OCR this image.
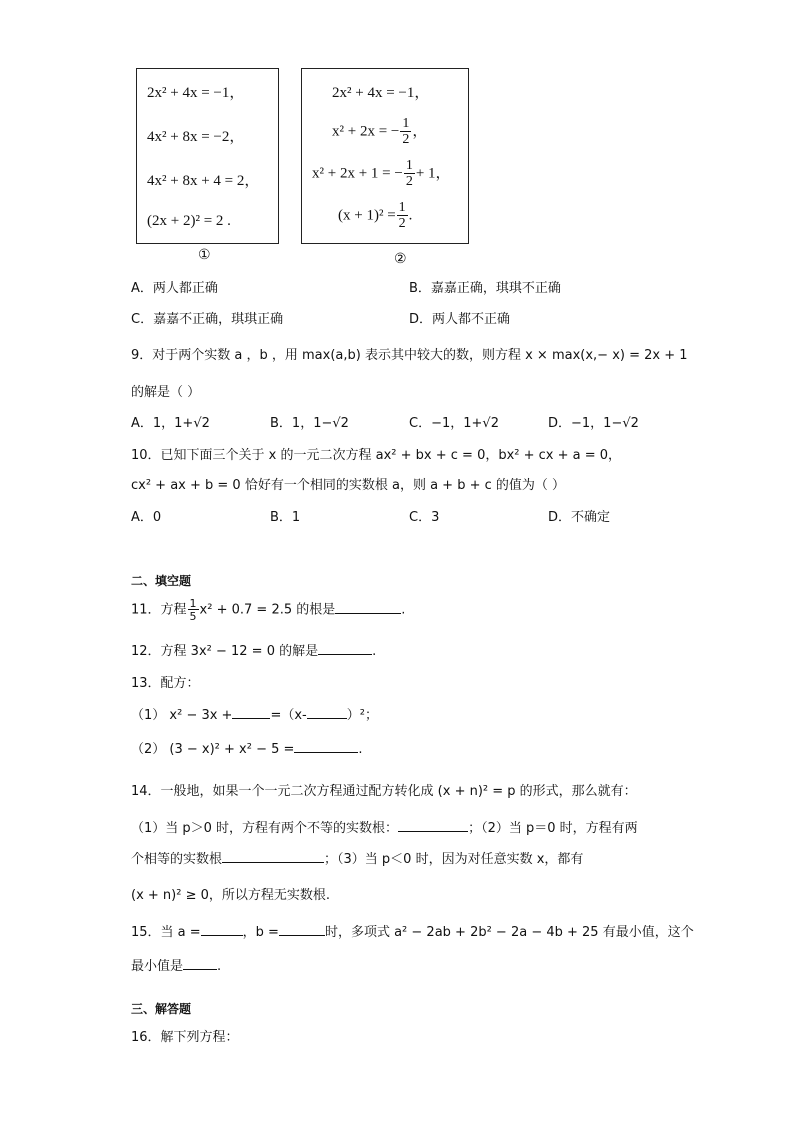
2x² + 4x = −1，
4x² + 8x = −2，
4x² + 8x + 4 = 2，
(2x + 2)² = 2 .
①
2x² + 4x = −1，
x² + 2x = − $\frac{1}{2}$ ，
x² + 2x + 1 = − $\frac{1}{2} + 1$，
$(x + 1)^2 = \frac{1}{2}$ .
②
A．两人都正确	B．嘉嘉正确，琪琪不正确
C．嘉嘉不正确，琪琪正确	D．两人都不正确
9．对于两个实数 a ，b ，用 max(a,b) 表示其中较大的数，则方程 x × max(x,− x) = 2x + 1
的解是（ ）
A．1，1+√2	B．1，1−√2	C．−1，1+√2	D．−1，1−√2
10．已知下面三个关于 x 的一元二次方程 ax² + bx + c = 0，bx² + cx + a = 0，
cx² + ax + b = 0 恰好有一个相同的实数根 a，则 a + b + c 的值为（ ）
A．0	B．1	C．3	D．不确定
二、填空题
11．方程 $\frac{1}{5} x^2 + 0.7 = 2.5$ 的根是	.
12．方程 3x² − 12 = 0 的解是	.
13．配方：
（1） x² − 3x +	=（x-	）²；
（2） (3 − x)² + x² − 5 =	.
14．一般地，如果一个一元二次方程通过配方转化成 (x + n)² = p 的形式，那么就有：
（1）当 p＞0 时，方程有两个不等的实数根：	；（2）当 p＝0 时，方程有两
个相等的实数根	；（3）当 p＜0 时，因为对任意实数 x，都有
(x + n)² ≥ 0，所以方程无实数根.
15．当 a =	，b =	时，多项式 a² − 2ab + 2b² − 2a − 4b + 25 有最小值，这个
最小值是	.
三、解答题
16．解下列方程：
